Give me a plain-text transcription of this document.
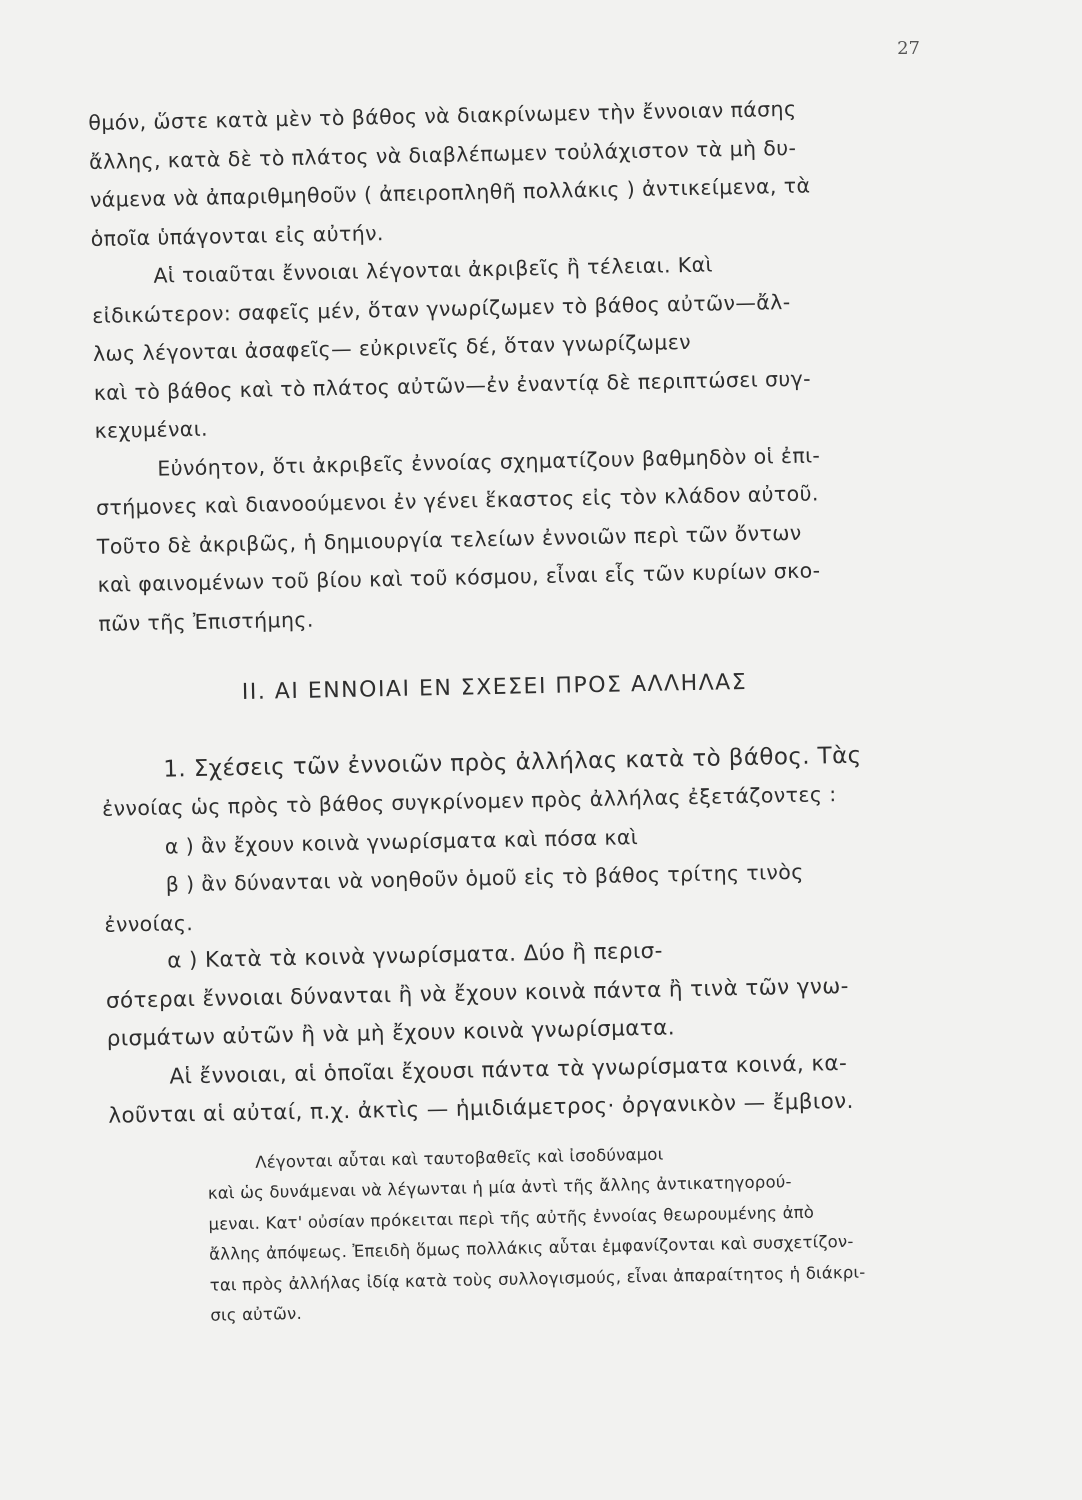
27
θμόν, ὥστε κατὰ μὲν τὸ βάθος νὰ διακρίνωμεν τὴν ἔννοιαν πάσης
ἄλλης, κατὰ δὲ τὸ πλάτος νὰ διαβλέπωμεν τοὐλάχιστον τὰ μὴ δυ-
νάμενα νὰ ἀπαριθμηθοῦν ( ἀπειροπληθῆ πολλάκις ) ἀντικείμενα, τὰ
ὁποῖα ὑπάγονται εἰς αὐτήν.
Αἱ τοιαῦται ἔννοιαι λέγονται ἀκριβεῖς ἢ τέλειαι. Καὶ
εἰδικώτερον: σαφεῖς μέν, ὅταν γνωρίζωμεν τὸ βάθος αὐτῶν—ἄλ-
λως λέγονται ἀσαφεῖς— εὐκρινεῖς δέ, ὅταν γνωρίζωμεν
καὶ τὸ βάθος καὶ τὸ πλάτος αὐτῶν—ἐν ἐναντίᾳ δὲ περιπτώσει συγ-
κεχυμέναι.
Εὐνόητον, ὅτι ἀκριβεῖς ἐννοίας σχηματίζουν βαθμηδὸν οἱ ἐπι-
στήμονες καὶ διανοούμενοι ἐν γένει ἕκαστος εἰς τὸν κλάδον αὐτοῦ.
Τοῦτο δὲ ἀκριβῶς, ἡ δημιουργία τελείων ἐννοιῶν περὶ τῶν ὄντων
καὶ φαινομένων τοῦ βίου καὶ τοῦ κόσμου, εἶναι εἷς τῶν κυρίων σκο-
πῶν τῆς Ἐπιστήμης.
ΙΙ. ΑΙ ΕΝΝΟΙΑΙ ΕΝ ΣΧΕΣΕΙ ΠΡΟΣ ΑΛΛΗΛΑΣ
1. Σχέσεις τῶν ἐννοιῶν πρὸς ἀλλήλας κατὰ τὸ βάθος. Τὰς
ἐννοίας ὡς πρὸς τὸ βάθος συγκρίνομεν πρὸς ἀλλήλας ἐξετάζοντες :
α ) ἂν ἔχουν κοινὰ γνωρίσματα καὶ πόσα καὶ
β ) ἂν δύνανται νὰ νοηθοῦν ὁμοῦ εἰς τὸ βάθος τρίτης τινὸς
ἐννοίας.
α ) Κατὰ τὰ κοινὰ γνωρίσματα. Δύο ἢ περισ-
σότεραι ἔννοιαι δύνανται ἢ νὰ ἔχουν κοινὰ πάντα ἢ τινὰ τῶν γνω-
ρισμάτων αὐτῶν ἢ νὰ μὴ ἔχουν κοινὰ γνωρίσματα.
Αἱ ἔννοιαι, αἱ ὁποῖαι ἔχουσι πάντα τὰ γνωρίσματα κοινά, κα-
λοῦνται αἱ αὐταί, π.χ. ἀκτὶς — ἡμιδιάμετρος· ὀργανικὸν — ἔμβιον.
Λέγονται αὗται καὶ ταυτοβαθεῖς καὶ ἰσοδύναμοι
καὶ ὡς δυνάμεναι νὰ λέγωνται ἡ μία ἀντὶ τῆς ἄλλης ἀντικατηγορού-
μεναι. Κατ' οὐσίαν πρόκειται περὶ τῆς αὐτῆς ἐννοίας θεωρουμένης ἀπὸ
ἄλλης ἀπόψεως. Ἐπειδὴ ὅμως πολλάκις αὗται ἐμφανίζονται καὶ συσχετίζον-
ται πρὸς ἀλλήλας ἰδίᾳ κατὰ τοὺς συλλογισμούς, εἶναι ἀπαραίτητος ἡ διάκρι-
σις αὐτῶν.
